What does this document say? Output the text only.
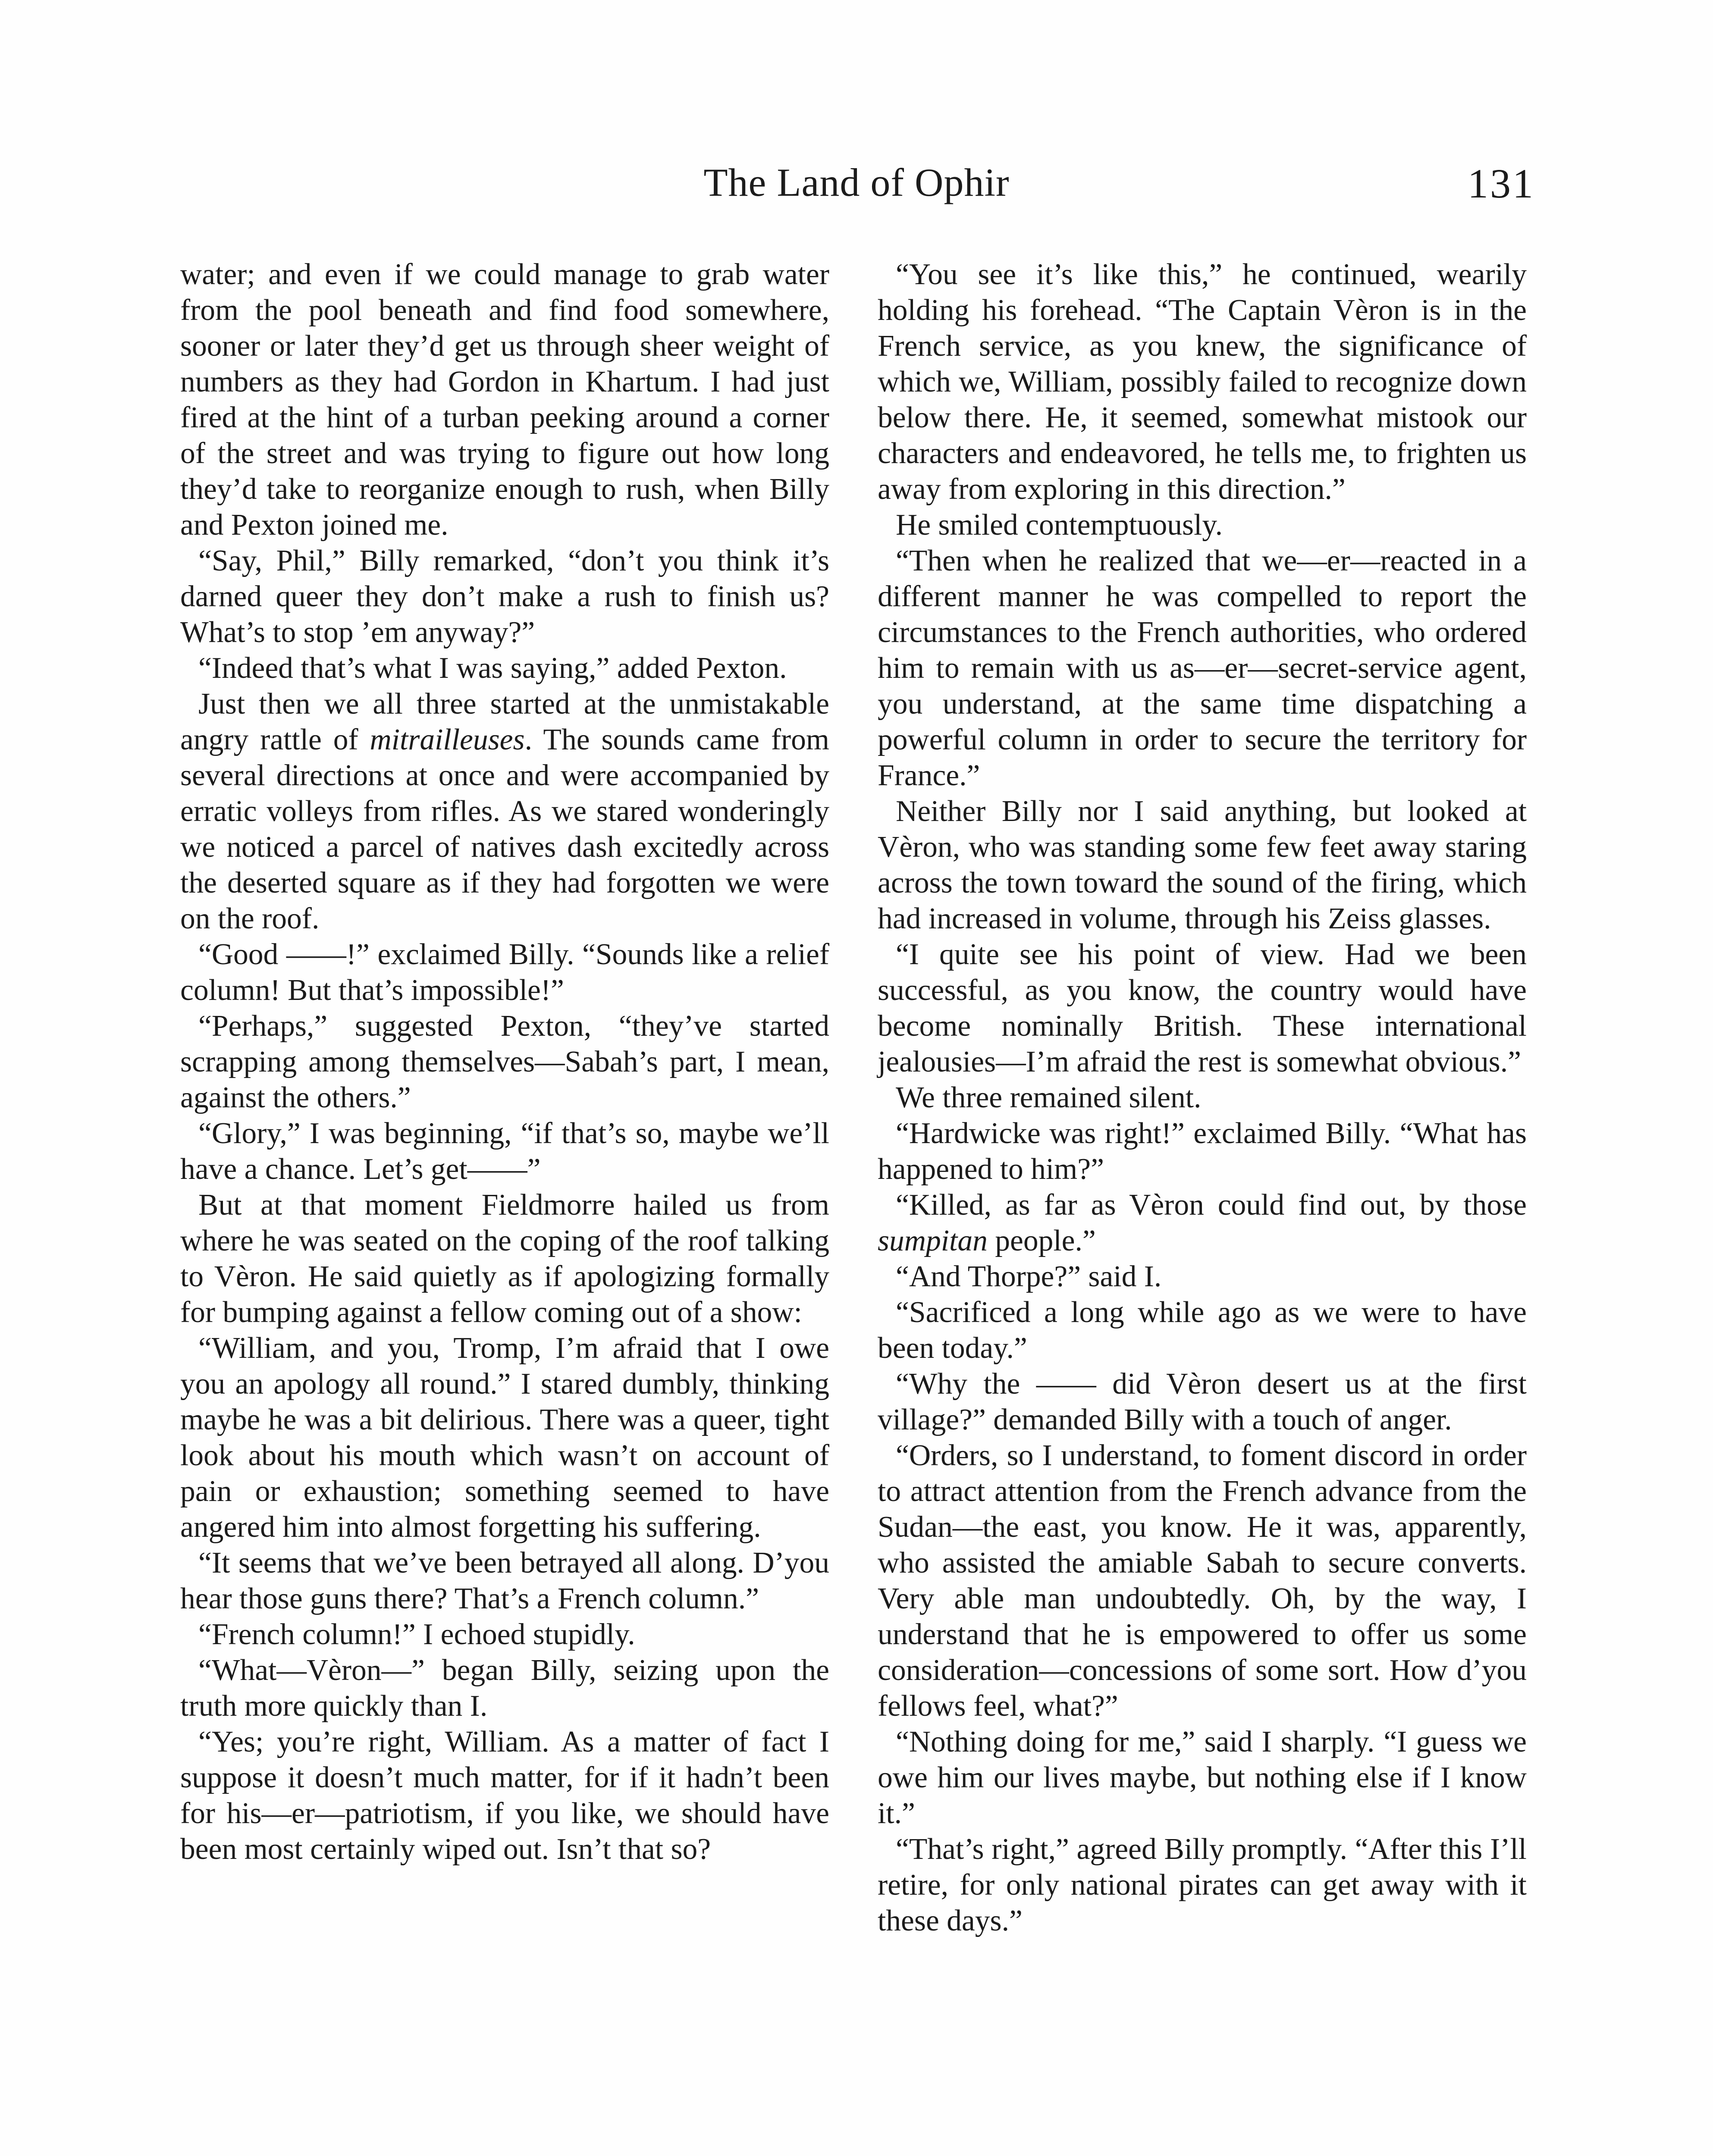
The Land of Ophir	131

water; and even if we could manage to grab water from the pool beneath and find food somewhere, sooner or later they’d get us through sheer weight of numbers as they had Gordon in Khartum. I had just fired at the hint of a turban peeking around a corner of the street and was trying to figure out how long they’d take to reorganize enough to rush, when Billy and Pexton joined me.

“Say, Phil,” Billy remarked, “don’t you think it’s darned queer they don’t make a rush to finish us? What’s to stop ’em anyway?”

“Indeed that’s what I was saying,” added Pexton.

Just then we all three started at the unmistakable angry rattle of mitrailleuses. The sounds came from several directions at once and were accompanied by erratic volleys from rifles. As we stared wonderingly we noticed a parcel of natives dash excitedly across the deserted square as if they had forgotten we were on the roof.

“Good ——!” exclaimed Billy. “Sounds like a relief column! But that’s impossible!”

“Perhaps,” suggested Pexton, “they’ve started scrapping among themselves—Sabah’s part, I mean, against the others.”

“Glory,” I was beginning, “if that’s so, maybe we’ll have a chance. Let’s get——”

But at that moment Fieldmorre hailed us from where he was seated on the coping of the roof talking to Vèron. He said quietly as if apologizing formally for bumping against a fellow coming out of a show:

“William, and you, Tromp, I’m afraid that I owe you an apology all round.” I stared dumbly, thinking maybe he was a bit delirious. There was a queer, tight look about his mouth which wasn’t on account of pain or exhaustion; something seemed to have angered him into almost forgetting his suffering.

“It seems that we’ve been betrayed all along. D’you hear those guns there? That’s a French column.”

“French column!” I echoed stupidly.

“What—Vèron—” began Billy, seizing upon the truth more quickly than I.

“Yes; you’re right, William. As a matter of fact I suppose it doesn’t much matter, for if it hadn’t been for his—er—patriotism, if you like, we should have been most certainly wiped out. Isn’t that so?

“You see it’s like this,” he continued, wearily holding his forehead. “The Captain Vèron is in the French service, as you knew, the significance of which we, William, possibly failed to recognize down below there. He, it seemed, somewhat mistook our characters and endeavored, he tells me, to frighten us away from exploring in this direction.”

He smiled contemptuously.

“Then when he realized that we—er—reacted in a different manner he was compelled to report the circumstances to the French authorities, who ordered him to remain with us as—er—secret-service agent, you understand, at the same time dispatching a powerful column in order to secure the territory for France.”

Neither Billy nor I said anything, but looked at Vèron, who was standing some few feet away staring across the town toward the sound of the firing, which had increased in volume, through his Zeiss glasses.

“I quite see his point of view. Had we been successful, as you know, the country would have become nominally British. These international jealousies—I’m afraid the rest is somewhat obvious.”

We three remained silent.

“Hardwicke was right!” exclaimed Billy. “What has happened to him?”

“Killed, as far as Vèron could find out, by those sumpitan people.”

“And Thorpe?” said I.

“Sacrificed a long while ago as we were to have been today.”

“Why the —— did Vèron desert us at the first village?” demanded Billy with a touch of anger.

“Orders, so I understand, to foment discord in order to attract attention from the French advance from the Sudan—the east, you know. He it was, apparently, who assisted the amiable Sabah to secure converts. Very able man undoubtedly. Oh, by the way, I understand that he is empowered to offer us some consideration—concessions of some sort. How d’you fellows feel, what?”

“Nothing doing for me,” said I sharply. “I guess we owe him our lives maybe, but nothing else if I know it.”

“That’s right,” agreed Billy promptly. “After this I’ll retire, for only national pirates can get away with it these days.”
